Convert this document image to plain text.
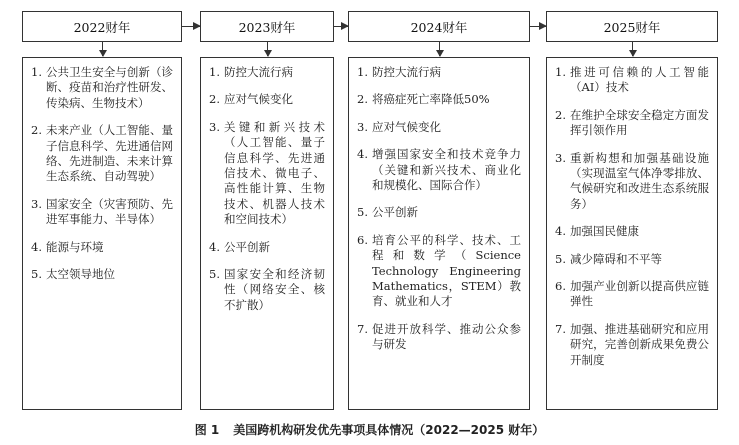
2022财年	2023财年	2024财年	2025财年
1. 公共卫生安全与创新（诊断、疫苗和治疗性研发、传染病、生物技术）
2. 未来产业（人工智能、量子信息科学、先进通信网络、先进制造、未来计算生态系统、自动驾驶）
3. 国家安全（灾害预防、先进军事能力、半导体）
4. 能源与环境
5. 太空领导地位
1. 防控大流行病
2. 应对气候变化
3. 关键和新兴技术（人工智能、量子信息科学、先进通信技术、微电子、高性能计算、生物技术、机器人技术和空间技术）
4. 公平创新
5. 国家安全和经济韧性（网络安全、核不扩散）
1. 防控大流行病
2. 将癌症死亡率降低50%
3. 应对气候变化
4. 增强国家安全和技术竞争力（关键和新兴技术、商业化和规模化、国际合作）
5. 公平创新
6. 培育公平的科学、技术、工程和数学（Science Technology Engineering Mathematics，STEM）教育、就业和人才
7. 促进开放科学、推动公众参与研发
1. 推进可信赖的人工智能（AI）技术
2. 在维护全球安全稳定方面发挥引领作用
3. 重新构想和加强基础设施（实现温室气体净零排放、气候研究和改进生态系统服务）
4. 加强国民健康
5. 减少障碍和不平等
6. 加强产业创新以提高供应链弹性
7. 加强、推进基础研究和应用研究，完善创新成果免费公开制度
图 1 美国跨机构研发优先事项具体情况（2022—2025 财年）
